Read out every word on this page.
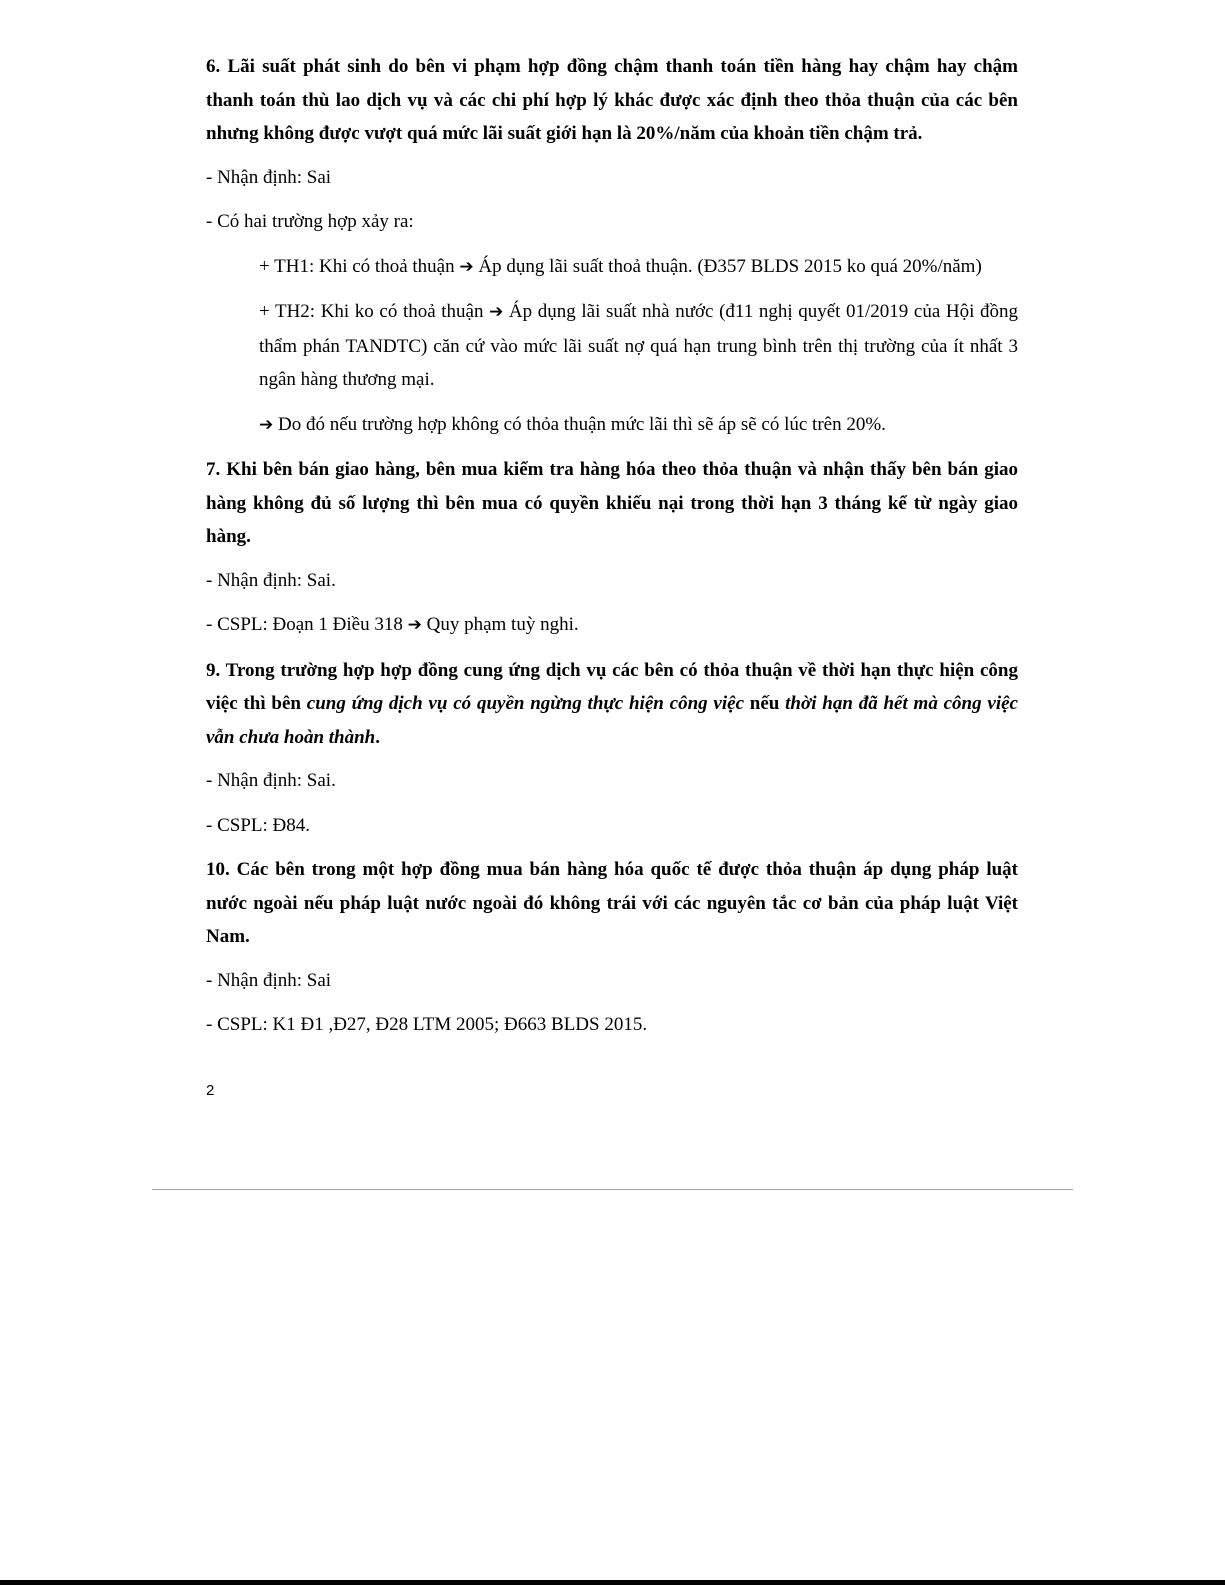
6. Lãi suất phát sinh do bên vi phạm hợp đồng chậm thanh toán tiền hàng hay chậm hay chậm thanh toán thù lao dịch vụ và các chi phí hợp lý khác được xác định theo thỏa thuận của các bên nhưng không được vượt quá mức lãi suất giới hạn là 20%/năm của khoản tiền chậm trả.

- Nhận định: Sai

- Có hai trường hợp xảy ra:

+ TH1: Khi có thoả thuận ➔ Áp dụng lãi suất thoả thuận. (Đ357 BLDS 2015 ko quá 20%/năm)

+ TH2: Khi ko có thoả thuận ➔ Áp dụng lãi suất nhà nước (đ11 nghị quyết 01/2019 của Hội đồng thẩm phán TANDTC) căn cứ vào mức lãi suất nợ quá hạn trung bình trên thị trường của ít nhất 3 ngân hàng thương mại.

➔ Do đó nếu trường hợp không có thỏa thuận mức lãi thì sẽ áp sẽ có lúc trên 20%.

7. Khi bên bán giao hàng, bên mua kiểm tra hàng hóa theo thỏa thuận và nhận thấy bên bán giao hàng không đủ số lượng thì bên mua có quyền khiếu nại trong thời hạn 3 tháng kể từ ngày giao hàng.

- Nhận định: Sai.

- CSPL: Đoạn 1 Điều 318 ➔ Quy phạm tuỳ nghi.

9. Trong trường hợp hợp đồng cung ứng dịch vụ các bên có thỏa thuận về thời hạn thực hiện công việc thì bên cung ứng dịch vụ có quyền ngừng thực hiện công việc nếu thời hạn đã hết mà công việc vẫn chưa hoàn thành.

- Nhận định: Sai.

- CSPL: Đ84.

10. Các bên trong một hợp đồng mua bán hàng hóa quốc tế được thỏa thuận áp dụng pháp luật nước ngoài nếu pháp luật nước ngoài đó không trái với các nguyên tắc cơ bản của pháp luật Việt Nam.

- Nhận định: Sai

- CSPL: K1 Đ1 ,Đ27, Đ28 LTM 2005; Đ663 BLDS 2015.

2
